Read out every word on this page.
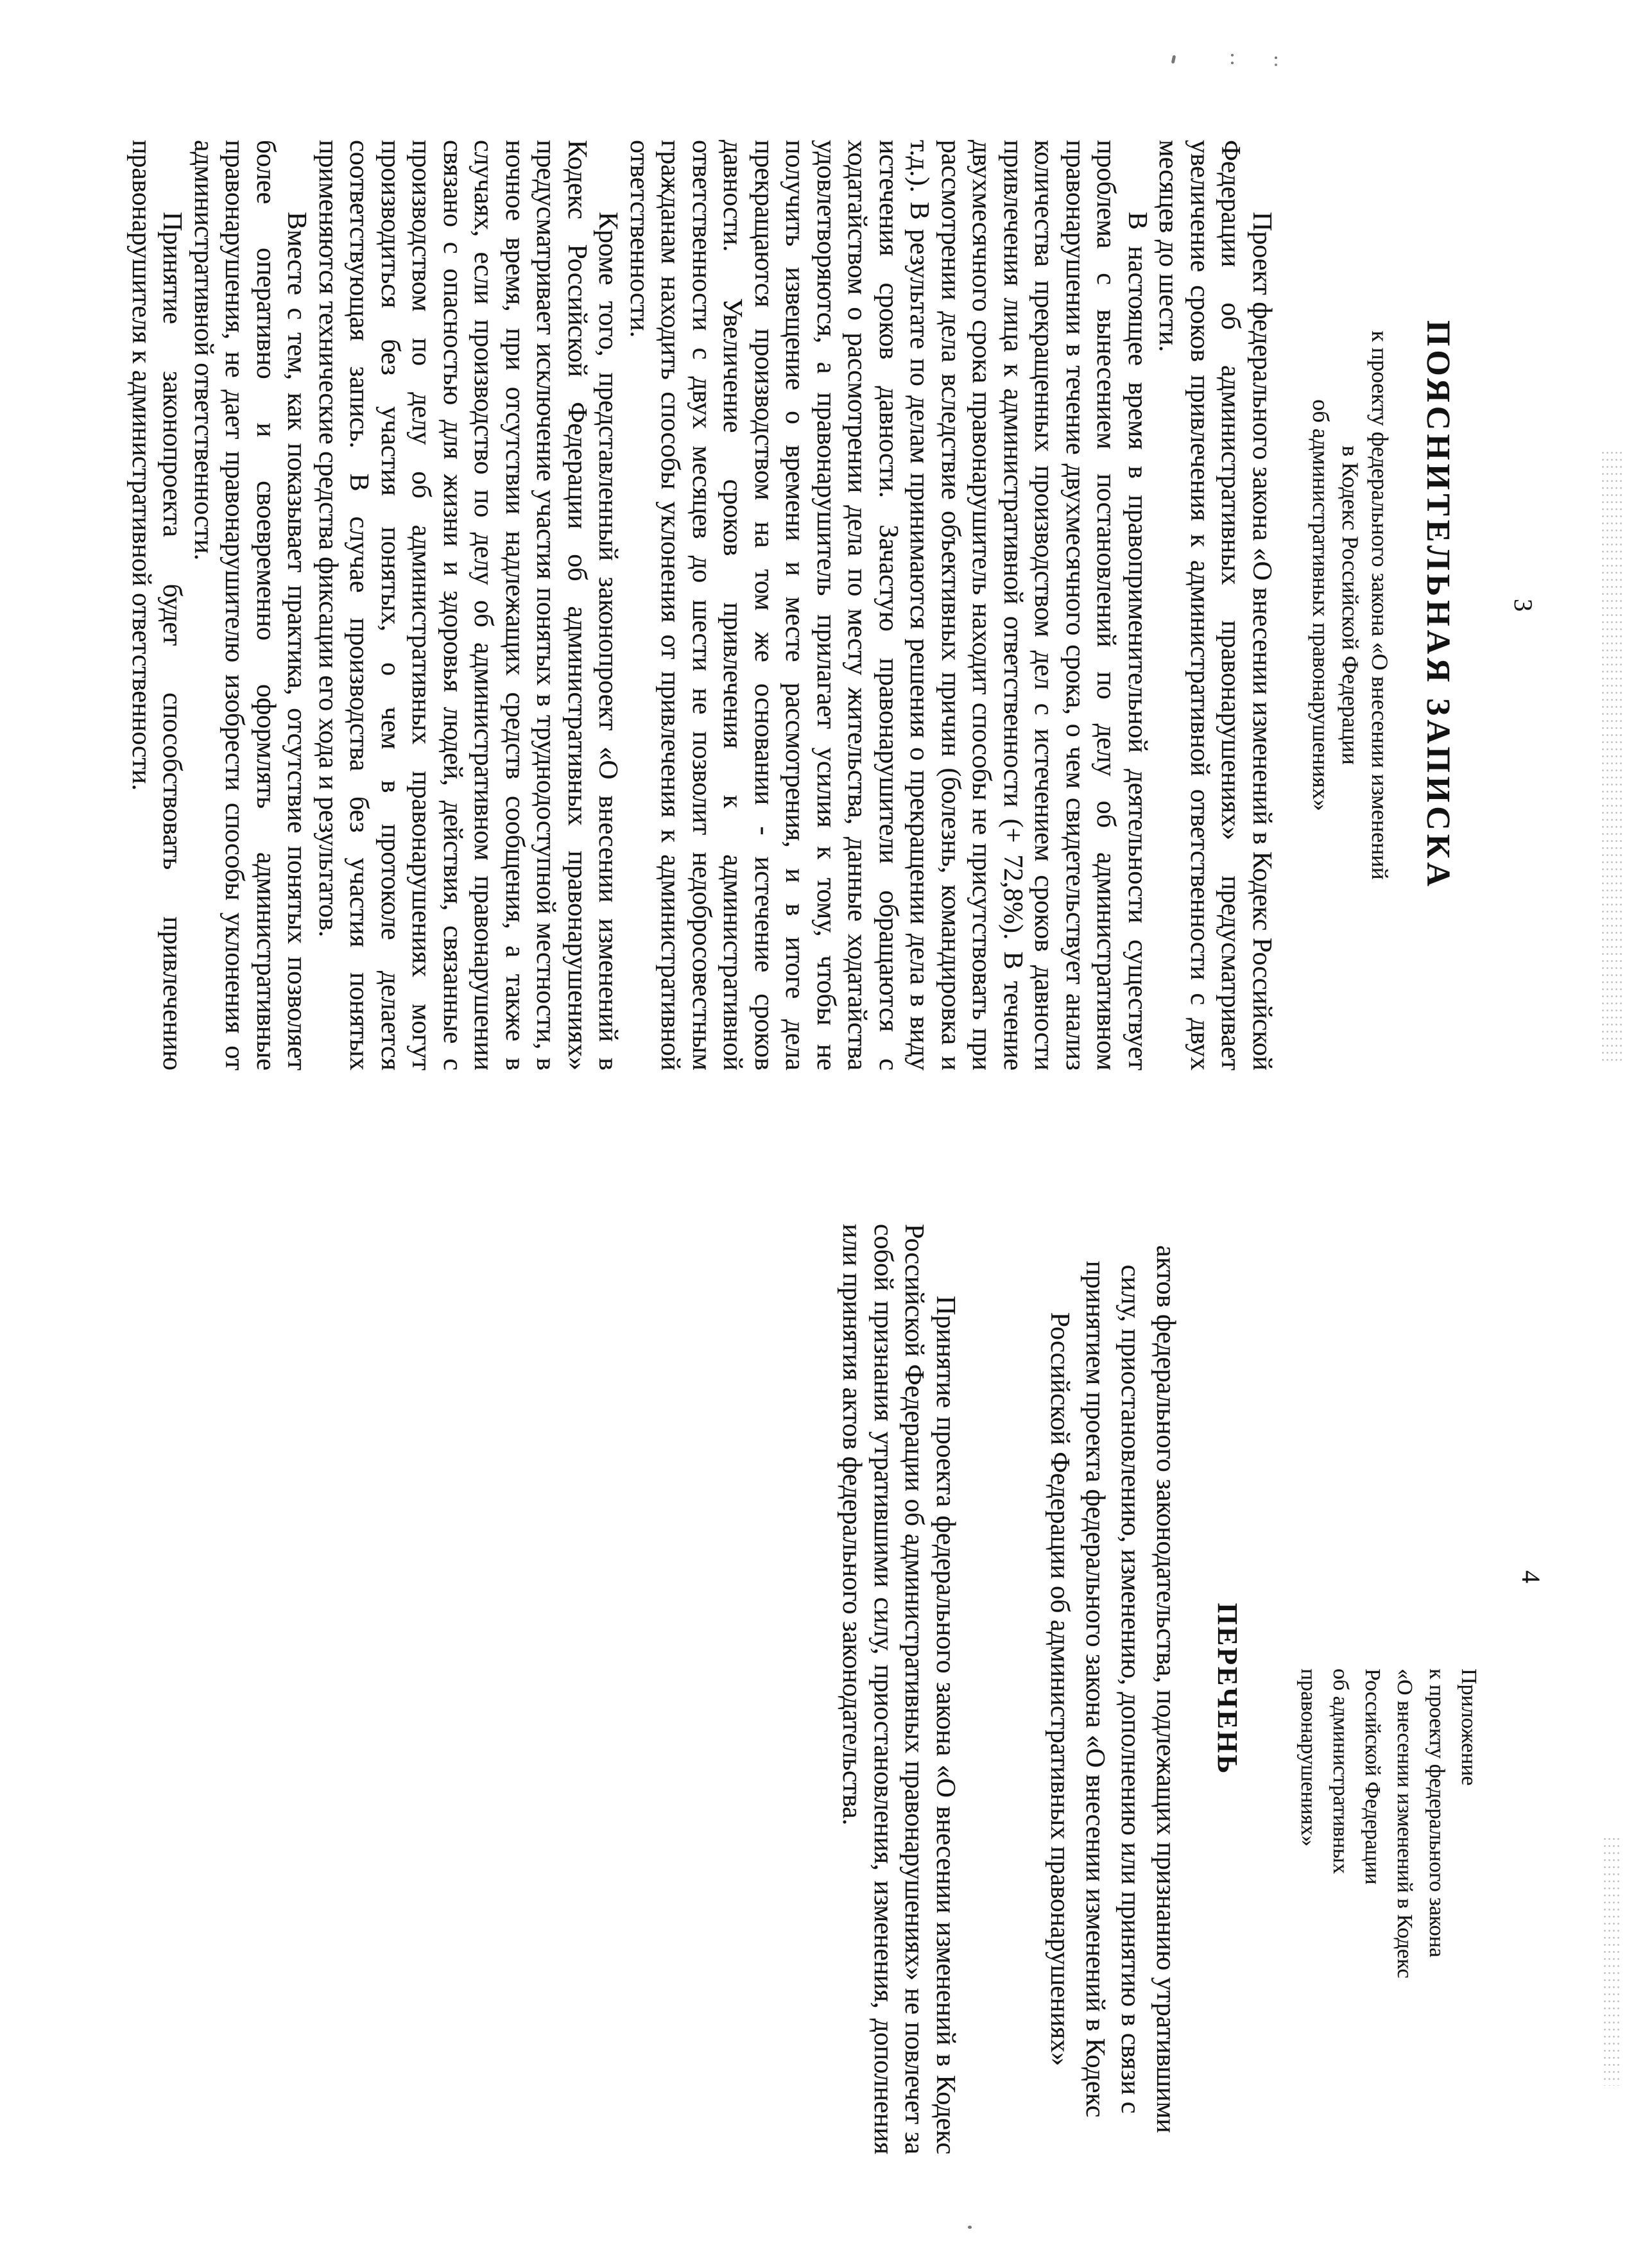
3
ПОЯСНИТЕЛЬНАЯ ЗАПИСКА
к проекту федерального закона «О внесении изменений
в Кодекс Российской Федерации
об административных правонарушениях»
Проект федерального закона «О внесении изменений в Кодекс Российской
Федерации об административных правонарушениях» предусматривает
увеличение сроков привлечения к административной ответственности с двух
месяцев до шести.
В настоящее время в правоприменительной деятельности существует
проблема с вынесением постановлений по делу об административном
правонарушении в течение двухмесячного срока, о чем свидетельствует анализ
количества прекращенных производством дел с истечением сроков давности
привлечения лица к административной ответственности (+ 72,8%). В течение
двухмесячного срока правонарушитель находит способы не присутствовать при
рассмотрении дела вследствие объективных причин (болезнь, командировка и
т.д.). В результате по делам принимаются решения о прекращении дела в виду
истечения сроков давности. Зачастую правонарушители обращаются с
ходатайством о рассмотрении дела по месту жительства, данные ходатайства
удовлетворяются, а правонарушитель прилагает усилия к тому, чтобы не
получить извещение о времени и месте рассмотрения, и в итоге дела
прекращаются производством на том же основании - истечение сроков
давности. Увеличение сроков привлечения к административной
ответственности с двух месяцев до шести не позволит недобросовестным
гражданам находить способы уклонения от привлечения к административной
ответственности.
Кроме того, представленный законопроект «О внесении изменений в
Кодекс Российской Федерации об административных правонарушениях»
предусматривает исключение участия понятых в труднодоступной местности, в
ночное время, при отсутствии надлежащих средств сообщения, а также в
случаях, если производство по делу об административном правонарушении
связано с опасностью для жизни и здоровья людей, действия, связанные с
производством по делу об административных правонарушениях могут
производиться без участия понятых, о чем в протоколе делается
соответствующая запись. В случае производства без участия понятых
применяются технические средства фиксации его хода и результатов.
Вместе с тем, как показывает практика, отсутствие понятых позволяет
более оперативно и своевременно оформлять административные
правонарушения, не дает правонарушителю изобрести способы уклонения от
административной ответственности.
Принятие законопроекта будет способствовать привлечению
правонарушителя к административной ответственности.
4
Приложение
к проекту федерального закона
«О внесении изменений в Кодекс
Российской Федерации
об административных
правонарушениях»
ПЕРЕЧЕНЬ
актов федерального законодательства, подлежащих признанию утратившими
силу, приостановлению, изменению, дополнению или принятию в связи с
принятием проекта федерального закона «О внесении изменений в Кодекс
Российской Федерации об административных правонарушениях»
Принятие проекта федерального закона «О внесении изменений в Кодекс
Российской Федерации об административных правонарушениях» не повлечет за
собой признания утратившими силу, приостановления, изменения, дополнения
или принятия актов федерального законодательства.
